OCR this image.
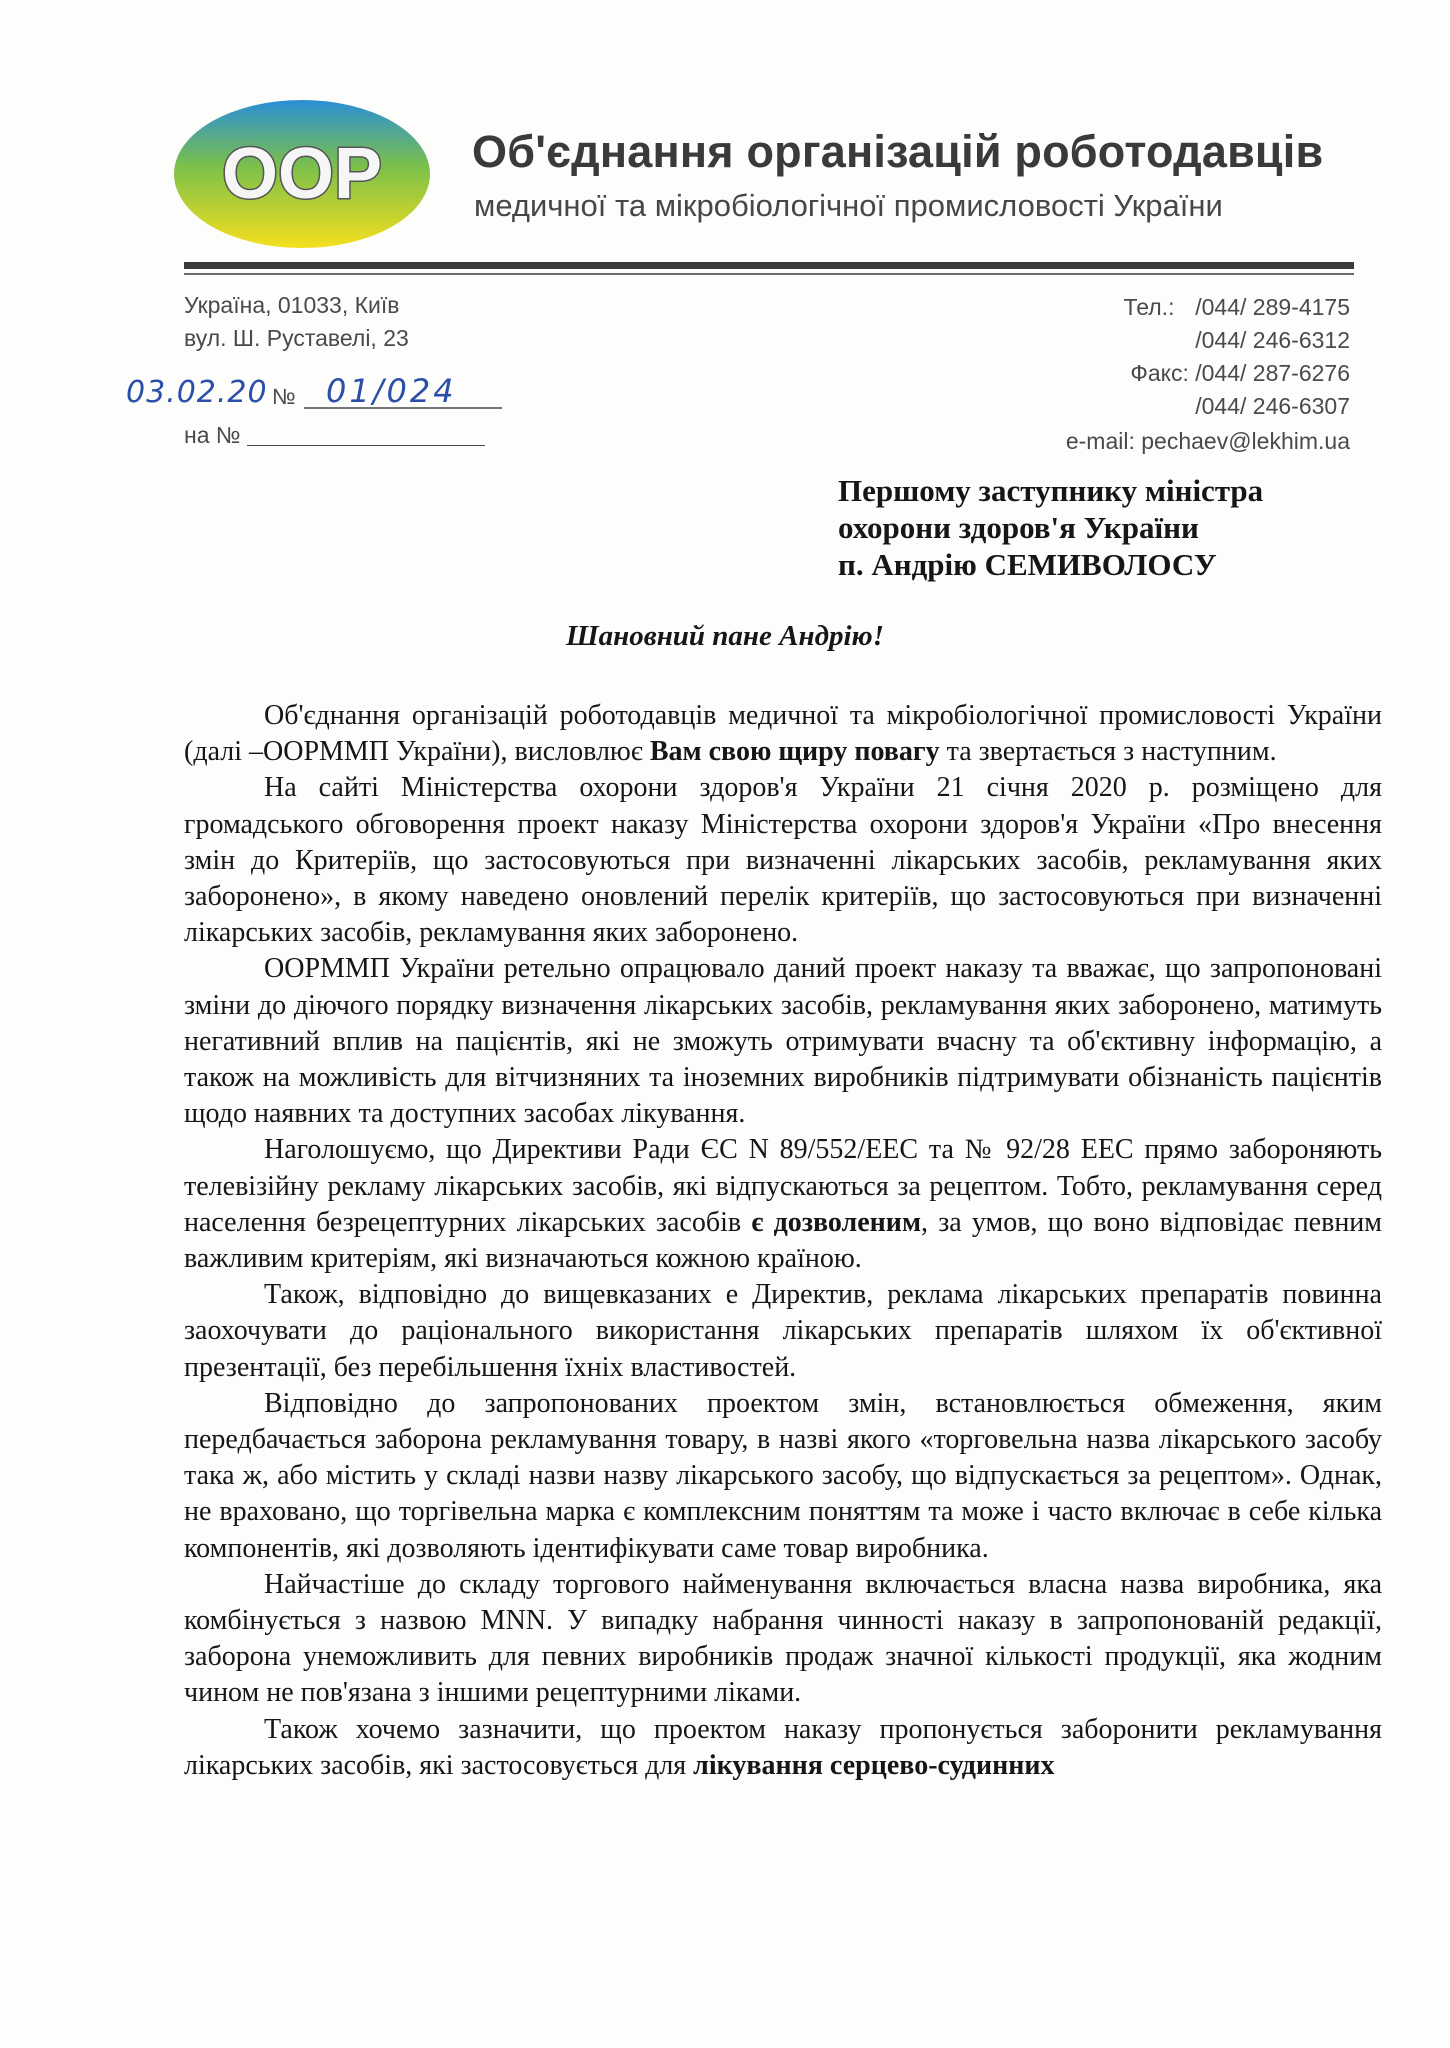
ООР Об'єднання організацій роботодавців
медичної та мікробіологічної промисловості України
Україна, 01033, Київ
вул. Ш. Руставелі, 23
Тел.: /044/ 289-4175
/044/ 246-6312
Факс: /044/ 287-6276
/044/ 246-6307
e-mail: pechaev@lekhim.ua
03.02.20 № 01/024
на №
Першому заступнику міністра
охорони здоров'я України
п. Андрію СЕМИВОЛОСУ
Шановний пане Андрію!

Об'єднання організацій роботодавців медичної та мікробіологічної промисловості України (далі –ООРММП України), висловлює Вам свою щиру повагу та звертається з наступним.

На сайті Міністерства охорони здоров'я України 21 січня 2020 р. розміщено для громадського обговорення проект наказу Міністерства охорони здоров'я України «Про внесення змін до Критеріїв, що застосовуються при визначенні лікарських засобів, рекламування яких заборонено», в якому наведено оновлений перелік критеріїв, що застосовуються при визначенні лікарських засобів, рекламування яких заборонено.

ООРММП України ретельно опрацювало даний проект наказу та вважає, що запропоновані зміни до діючого порядку визначення лікарських засобів, рекламування яких заборонено, матимуть негативний вплив на пацієнтів, які не зможуть отримувати вчасну та об'єктивну інформацію, а також на можливість для вітчизняних та іноземних виробників підтримувати обізнаність пацієнтів щодо наявних та доступних засобах лікування.

Наголошуємо, що Директиви Ради ЄС N 89/552/ЕЕС та № 92/28 ЕЕС прямо забороняють телевізійну рекламу лікарських засобів, які відпускаються за рецептом. Тобто, рекламування серед населення безрецептурних лікарських засобів є дозволеним, за умов, що воно відповідає певним важливим критеріям, які визначаються кожною країною.

Також, відповідно до вищевказаних е Директив, реклама лікарських препаратів повинна заохочувати до раціонального використання лікарських препаратів шляхом їх об'єктивної презентації, без перебільшення їхніх властивостей.

Відповідно до запропонованих проектом змін, встановлюється обмеження, яким передбачається заборона рекламування товару, в назві якого «торговельна назва лікарського засобу така ж, або містить у складі назви назву лікарського засобу, що відпускається за рецептом». Однак, не враховано, що торгівельна марка є комплексним поняттям та може і часто включає в себе кілька компонентів, які дозволяють ідентифікувати саме товар виробника.

Найчастіше до складу торгового найменування включається власна назва виробника, яка комбінується з назвою MNN. У випадку набрання чинності наказу в запропонованій редакції, заборона унеможливить для певних виробників продаж значної кількості продукції, яка жодним чином не пов'язана з іншими рецептурними ліками.

Також хочемо зазначити, що проектом наказу пропонується заборонити рекламування лікарських засобів, які застосовується для лікування серцево-судинних
